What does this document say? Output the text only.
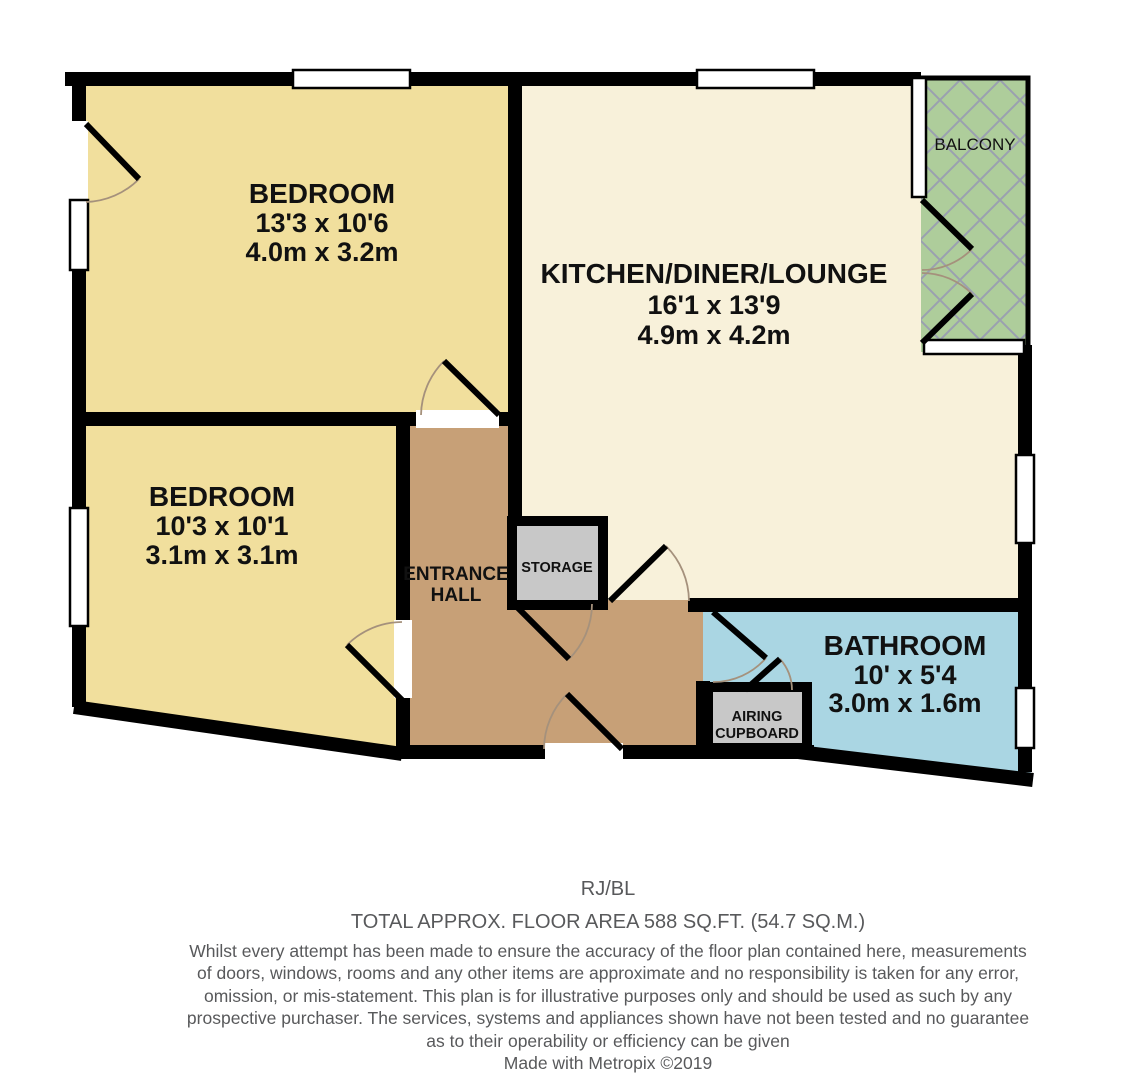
BEDROOM
13'3 x 10'6
4.0m x 3.2m
KITCHEN/DINER/LOUNGE
16'1 x 13'9
4.9m x 4.2m
BEDROOM
10'3 x 10'1
3.1m x 3.1m
BATHROOM
10' x 5'4
3.0m x 1.6m
ENTRANCE
HALL
STORAGE
AIRING
CUPBOARD
BALCONY
RJ/BL
TOTAL APPROX. FLOOR AREA 588 SQ.FT. (54.7 SQ.M.)
Whilst every attempt has been made to ensure the accuracy of the floor plan contained here, measurements
of doors, windows, rooms and any other items are approximate and no responsibility is taken for any error,
omission, or mis-statement. This plan is for illustrative purposes only and should be used as such by any
prospective purchaser. The services, systems and appliances shown have not been tested and no guarantee
as to their operability or efficiency can be given
Made with Metropix ©2019
